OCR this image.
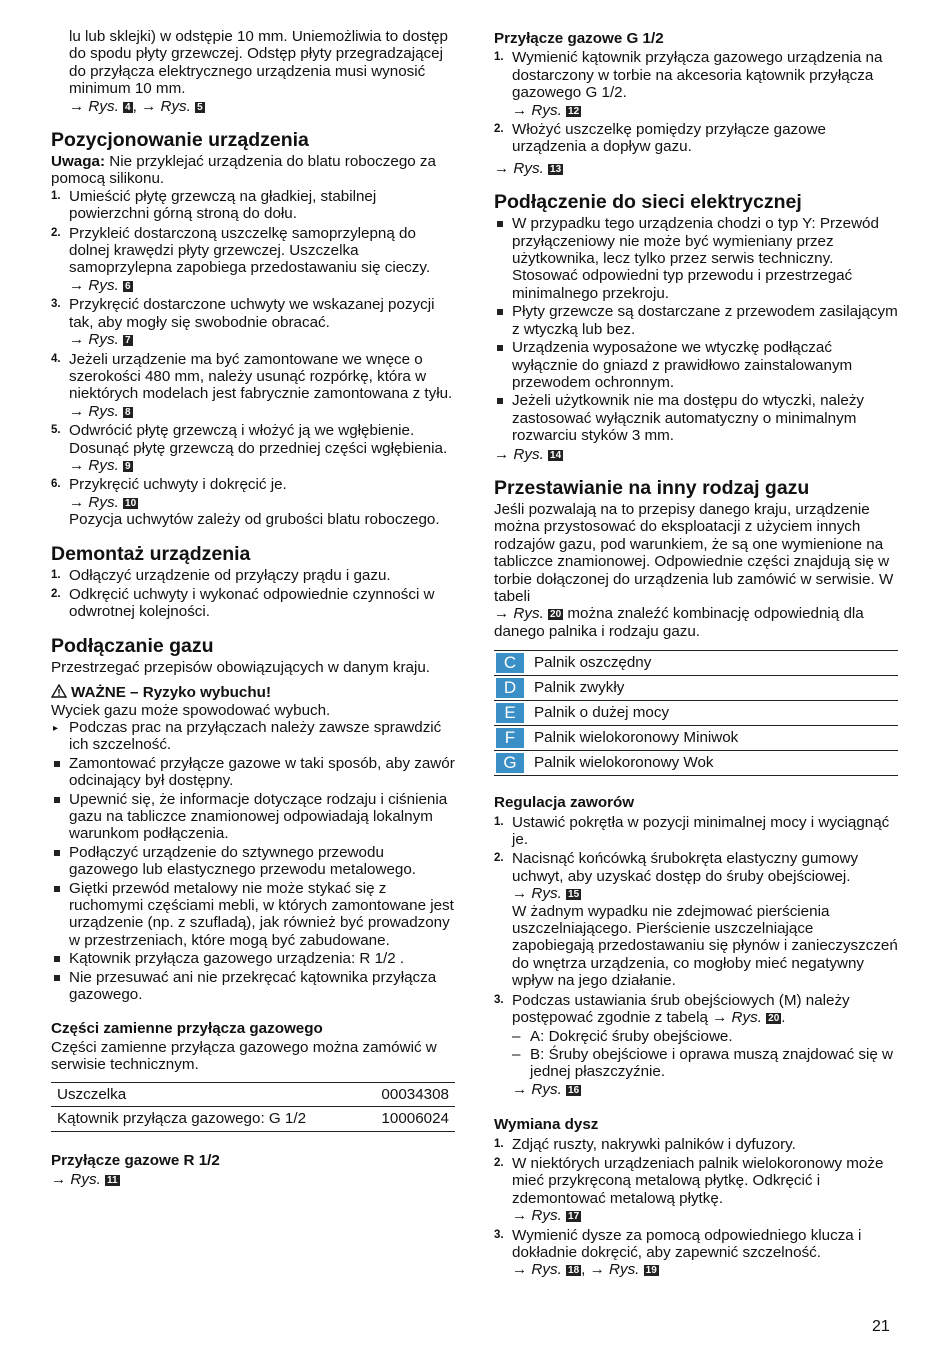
lu lub sklejki) w odstępie 10 mm. Uniemożliwia to dostęp do spodu płyty grzewczej. Odstęp płyty przegradzającej do przyłącza elektrycznego urządzenia musi wynosić minimum 10 mm.

→ Rys. 4 , → Rys. 5

Pozycjonowanie urządzenia

Uwaga: Nie przyklejać urządzenia do blatu roboczego za pomocą silikonu.

1. Umieścić płytę grzewczą na gładkiej, stabilnej powierzchni górną stroną do dołu.
2. Przykleić dostarczoną uszczelkę samoprzylepną do dolnej krawędzi płyty grzewczej. Uszczelka samoprzylepna zapobiega przedostawaniu się cieczy.
→ Rys. 6
3. Przykręcić dostarczone uchwyty we wskazanej pozycji tak, aby mogły się swobodnie obracać.
→ Rys. 7
4. Jeżeli urządzenie ma być zamontowane we wnęce o szerokości 480 mm, należy usunąć rozpórkę, która w niektórych modelach jest fabrycznie zamontowana z tyłu.
→ Rys. 8
5. Odwrócić płytę grzewczą i włożyć ją we wgłębienie. Dosunąć płytę grzewczą do przedniej części wgłębienia.
→ Rys. 9
6. Przykręcić uchwyty i dokręcić je.
→ Rys. 10
Pozycja uchwytów zależy od grubości blatu roboczego.
Demontaż urządzenia
1. Odłączyć urządzenie od przyłączy prądu i gazu.
2. Odkręcić uchwyty i wykonać odpowiednie czynności w odwrotnej kolejności.
Podłączanie gazu

Przestrzegać przepisów obowiązujących w danym kraju.

WAŻNE – Ryzyko wybuchu!

Wyciek gazu może spowodować wybuch.

▸ Podczas prac na przyłączach należy zawsze sprawdzić ich szczelność.
Zamontować przyłącze gazowe w taki sposób, aby zawór odcinający był dostępny.
Upewnić się, że informacje dotyczące rodzaju i ciśnienia gazu na tabliczce znamionowej odpowiadają lokalnym warunkom podłączenia.
Podłączyć urządzenie do sztywnego przewodu gazowego lub elastycznego przewodu metalowego.
Giętki przewód metalowy nie może stykać się z ruchomymi częściami mebli, w których zamontowane jest urządzenie (np. z szufladą), jak również być prowadzony w przestrzeniach, które mogą być zabudowane.
Kątownik przyłącza gazowego urządzenia: R 1/2 .
Nie przesuwać ani nie przekręcać kątownika przyłącza gazowego.
Części zamienne przyłącza gazowego

Części zamienne przyłącza gazowego można zamówić w serwisie technicznym.

Uszczelka	00034308
Kątownik przyłącza gazowego: G 1/2	10006024
Przyłącze gazowe R 1/2

→ Rys. 11

Przyłącze gazowe G 1/2
1. Wymienić kątownik przyłącza gazowego urządzenia na dostarczony w torbie na akcesoria kątownik przyłącza gazowego G 1/2.
→ Rys. 12
2. Włożyć uszczelkę pomiędzy przyłącze gazowe urządzenia a dopływ gazu.

→ Rys. 13

Podłączenie do sieci elektrycznej
W przypadku tego urządzenia chodzi o typ Y: Przewód przyłączeniowy nie może być wymieniany przez użytkownika, lecz tylko przez serwis techniczny. Stosować odpowiedni typ przewodu i przestrzegać minimalnego przekroju.
Płyty grzewcze są dostarczane z przewodem zasilającym z wtyczką lub bez.
Urządzenia wyposażone we wtyczkę podłączać wyłącznie do gniazd z prawidłowo zainstalowanym przewodem ochronnym.
Jeżeli użytkownik nie ma dostępu do wtyczki, należy zastosować wyłącznik automatyczny o minimalnym rozwarciu styków 3 mm.

→ Rys. 14

Przestawianie na inny rodzaj gazu

Jeśli pozwalają na to przepisy danego kraju, urządzenie można przystosować do eksploatacji z użyciem innych rodzajów gazu, pod warunkiem, że są one wymienione na tabliczce znamionowej. Odpowiednie części znajdują się w torbie dołączonej do urządzenia lub zamówić w serwisie. W tabeli
→ Rys. 20 można znaleźć kombinację odpowiednią dla danego palnika i rodzaju gazu.

C	Palnik oszczędny
D	Palnik zwykły
E	Palnik o dużej mocy
F	Palnik wielokoronowy Miniwok
G	Palnik wielokoronowy Wok
Regulacja zaworów
1. Ustawić pokrętła w pozycji minimalnej mocy i wyciągnąć je.
2. Nacisnąć końcówką śrubokręta elastyczny gumowy uchwyt, aby uzyskać dostęp do śruby obejściowej.
→ Rys. 15
W żadnym wypadku nie zdejmować pierścienia uszczelniającego. Pierścienie uszczelniające zapobiegają przedostawaniu się płynów i zanieczyszczeń do wnętrza urządzenia, co mogłoby mieć negatywny wpływ na jego działanie.
3. Podczas ustawiania śrub obejściowych (M) należy postępować zgodnie z tabelą → Rys. 20 .
– A: Dokręcić śruby obejściowe.
– B: Śruby obejściowe i oprawa muszą znajdować się w jednej płaszczyźnie.

→ Rys. 16

Wymiana dysz
1. Zdjąć ruszty, nakrywki palników i dyfuzory.
2. W niektórych urządzeniach palnik wielokoronowy może mieć przykręconą metalową płytkę. Odkręcić i zdemontować metalową płytkę.
→ Rys. 17
3. Wymienić dysze za pomocą odpowiedniego klucza i dokładnie dokręcić, aby zapewnić szczelność.
→ Rys. 18 , → Rys. 19
21
